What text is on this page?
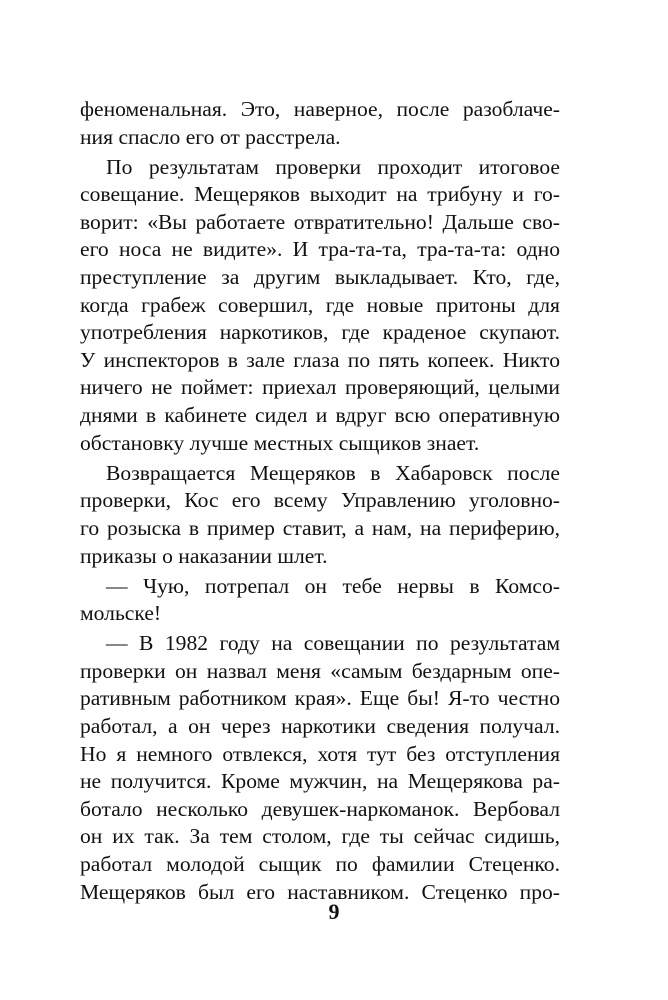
феноменальная. Это, наверное, после разоблаче-
ния спасло его от расстрела.
По результатам проверки проходит итоговое
совещание. Мещеряков выходит на трибуну и го-
ворит: «Вы работаете отвратительно! Дальше сво-
его носа не видите». И тра-та-та, тра-та-та: одно
преступление за другим выкладывает. Кто, где,
когда грабеж совершил, где новые притоны для
употребления наркотиков, где краденое скупают.
У инспекторов в зале глаза по пять копеек. Никто
ничего не поймет: приехал проверяющий, целыми
днями в кабинете сидел и вдруг всю оперативную
обстановку лучше местных сыщиков знает.
Возвращается Мещеряков в Хабаровск после
проверки, Кос его всему Управлению уголовно-
го розыска в пример ставит, а нам, на периферию,
приказы о наказании шлет.
— Чую, потрепал он тебе нервы в Комсо-
мольске!
— В 1982 году на совещании по результатам
проверки он назвал меня «самым бездарным опе-
ративным работником края». Еще бы! Я-то честно
работал, а он через наркотики сведения получал.
Но я немного отвлекся, хотя тут без отступления
не получится. Кроме мужчин, на Мещерякова ра-
ботало несколько девушек-наркоманок. Вербовал
он их так. За тем столом, где ты сейчас сидишь,
работал молодой сыщик по фамилии Стеценко.
Мещеряков был его наставником. Стеценко про-
9
